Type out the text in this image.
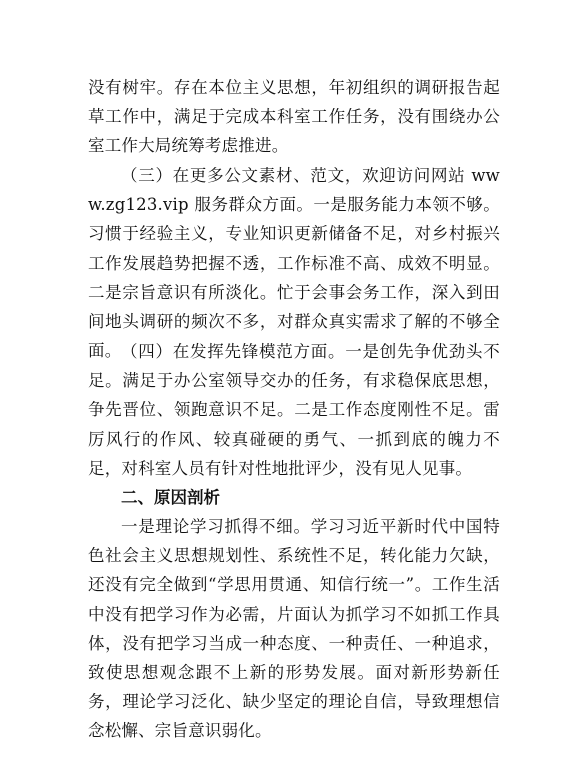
没有树牢。存在本位主义思想，年初组织的调研报告起草工作中，满足于完成本科室工作任务，没有围绕办公室工作大局统筹考虑推进。

（三）在更多公文素材、范文，欢迎访问网站 www.zg123.vip 服务群众方面。一是服务能力本领不够。习惯于经验主义，专业知识更新储备不足，对乡村振兴工作发展趋势把握不透，工作标准不高、成效不明显。二是宗旨意识有所淡化。忙于会事会务工作，深入到田间地头调研的频次不多，对群众真实需求了解的不够全面。 （四）在发挥先锋模范方面。一是创先争优劲头不足。满足于办公室领导交办的任务，有求稳保底思想，争先晋位、领跑意识不足。二是工作态度刚性不足。雷厉风行的作风、较真碰硬的勇气、一抓到底的魄力不足，对科室人员有针对性地批评少，没有见人见事。

二、原因剖析

一是理论学习抓得不细。学习习近平新时代中国特色社会主义思想规划性、系统性不足，转化能力欠缺，还没有完全做到“学思用贯通、知信行统一”。工作生活中没有把学习作为必需，片面认为抓学习不如抓工作具体，没有把学习当成一种态度、一种责任、一种追求，致使思想观念跟不上新的形势发展。面对新形势新任务，理论学习泛化、缺少坚定的理论自信，导致理想信念松懈、宗旨意识弱化。
